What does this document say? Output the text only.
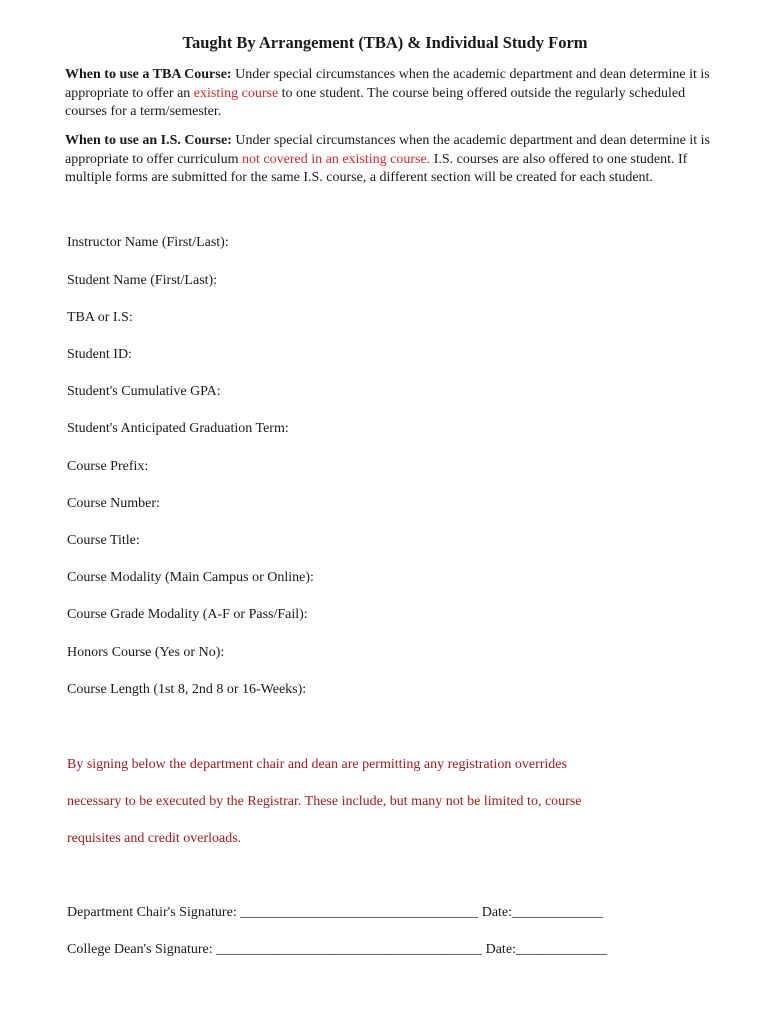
Taught By Arrangement (TBA) & Individual Study Form
When to use a TBA Course: Under special circumstances when the academic department and dean determine it is appropriate to offer an existing course to one student. The course being offered outside the regularly scheduled courses for a term/semester.
When to use an I.S. Course: Under special circumstances when the academic department and dean determine it is appropriate to offer curriculum not covered in an existing course. I.S. courses are also offered to one student. If multiple forms are submitted for the same I.S. course, a different section will be created for each student.
Instructor Name (First/Last):
Student Name (First/Last):
TBA or I.S:
Student ID:
Student's Cumulative GPA:
Student's Anticipated Graduation Term:
Course Prefix:
Course Number:
Course Title:
Course Modality (Main Campus or Online):
Course Grade Modality (A-F or Pass/Fail):
Honors Course (Yes or No):
Course Length (1st 8, 2nd 8 or 16-Weeks):
By signing below the department chair and dean are permitting any registration overrides
necessary to be executed by the Registrar. These include, but many not be limited to, course
requisites and credit overloads.
Department Chair's Signature: __________________________________ Date:_____________
College Dean's Signature: ______________________________________ Date:_____________
